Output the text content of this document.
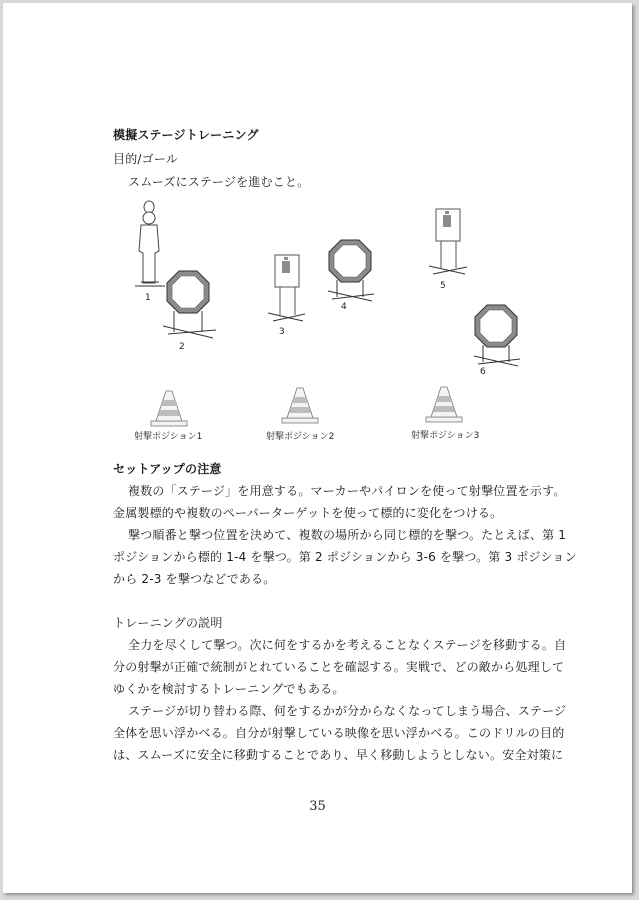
模擬ステージトレーニング
目的/ゴール
スムーズにステージを進むこと。
1
2
3
4
5
6
射撃ポジション1	射撃ポジション2	射撃ポジション3
セットアップの注意
複数の「ステージ」を用意する。マーカーやパイロンを使って射撃位置を示す。
金属製標的や複数のペーパーターゲットを使って標的に変化をつける。
撃つ順番と撃つ位置を決めて、複数の場所から同じ標的を撃つ。たとえば、第 1
ポジションから標的 1-4 を撃つ。第 2 ポジションから 3-6 を撃つ。第 3 ポジション
から 2-3 を撃つなどである。
トレーニングの説明
全力を尽くして撃つ。次に何をするかを考えることなくステージを移動する。自
分の射撃が正確で統制がとれていることを確認する。実戦で、どの敵から処理して
ゆくかを検討するトレーニングでもある。
ステージが切り替わる際、何をするかが分からなくなってしまう場合、ステージ
全体を思い浮かべる。自分が射撃している映像を思い浮かべる。このドリルの目的
は、スムーズに安全に移動することであり、早く移動しようとしない。安全対策に
35
